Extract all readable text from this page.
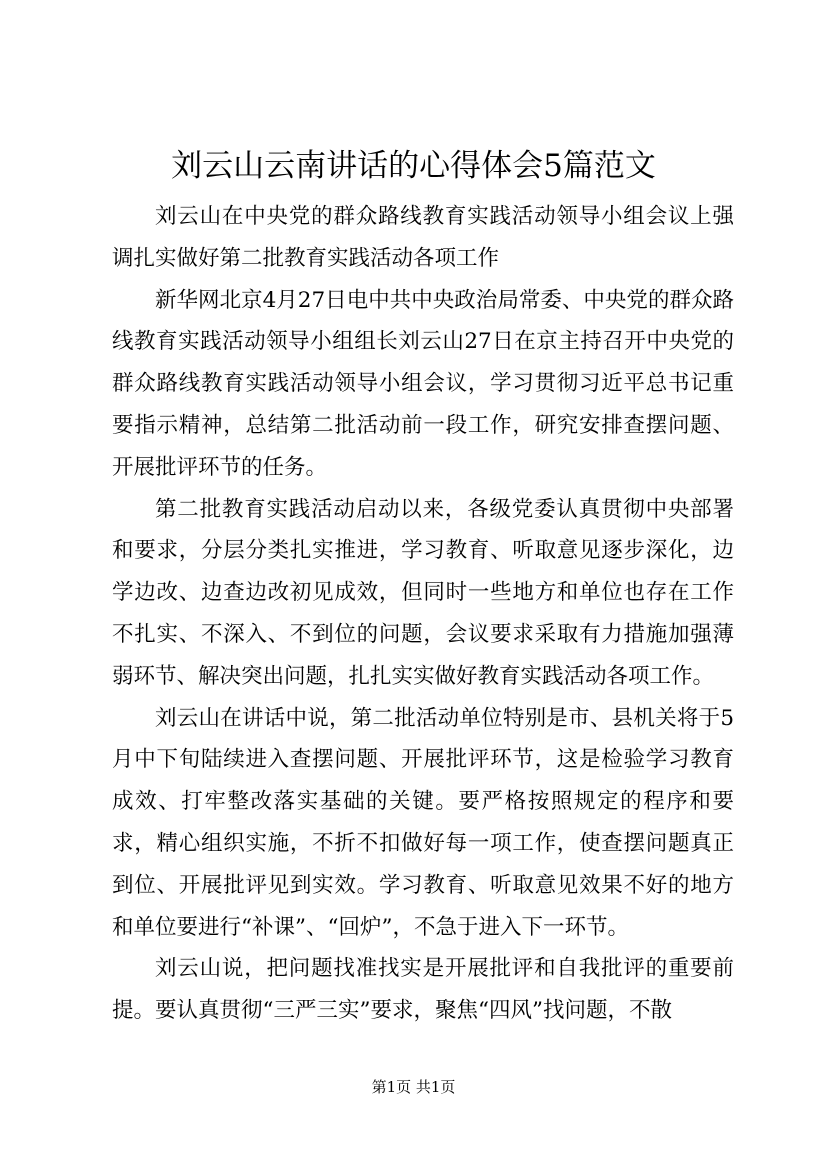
刘云山云南讲话的心得体会5篇范文

刘云山在中央党的群众路线教育实践活动领导小组会议上强调扎实做好第二批教育实践活动各项工作

新华网北京4月27日电中共中央政治局常委、中央党的群众路线教育实践活动领导小组组长刘云山27日在京主持召开中央党的群众路线教育实践活动领导小组会议，学习贯彻习近平总书记重要指示精神，总结第二批活动前一段工作，研究安排查摆问题、开展批评环节的任务。

第二批教育实践活动启动以来，各级党委认真贯彻中央部署和要求，分层分类扎实推进，学习教育、听取意见逐步深化，边学边改、边查边改初见成效，但同时一些地方和单位也存在工作不扎实、不深入、不到位的问题，会议要求采取有力措施加强薄弱环节、解决突出问题，扎扎实实做好教育实践活动各项工作。

刘云山在讲话中说，第二批活动单位特别是市、县机关将于5月中下旬陆续进入查摆问题、开展批评环节，这是检验学习教育成效、打牢整改落实基础的关键。要严格按照规定的程序和要求，精心组织实施，不折不扣做好每一项工作，使查摆问题真正到位、开展批评见到实效。学习教育、听取意见效果不好的地方和单位要进行“补课”、“回炉”，不急于进入下一环节。

刘云山说，把问题找准找实是开展批评和自我批评的重要前提。要认真贯彻“三严三实”要求，聚焦“四风”找问题，不散

第1页 共1页
